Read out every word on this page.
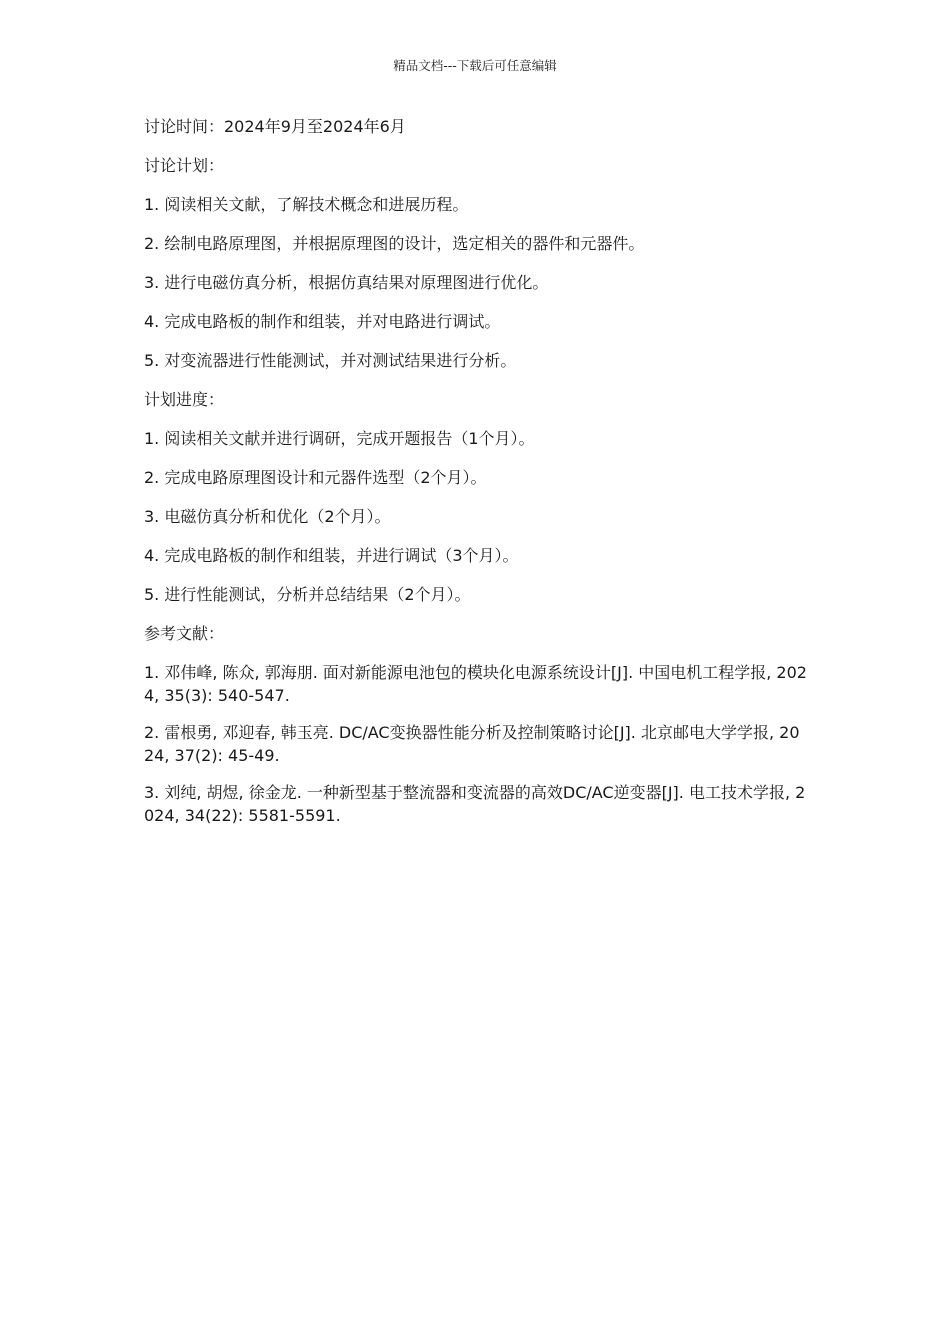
精品文档---下载后可任意编辑

讨论时间：2024年9月至2024年6月

讨论计划：

1. 阅读相关文献，了解技术概念和进展历程。

2. 绘制电路原理图，并根据原理图的设计，选定相关的器件和元器件。

3. 进行电磁仿真分析，根据仿真结果对原理图进行优化。

4. 完成电路板的制作和组装，并对电路进行调试。

5. 对变流器进行性能测试，并对测试结果进行分析。

计划进度：

1. 阅读相关文献并进行调研，完成开题报告（1个月）。

2. 完成电路原理图设计和元器件选型（2个月）。

3. 电磁仿真分析和优化（2个月）。

4. 完成电路板的制作和组装，并进行调试（3个月）。

5. 进行性能测试，分析并总结结果（2个月）。

参考文献：

1. 邓伟峰, 陈众, 郭海朋. 面对新能源电池包的模块化电源系统设计[J]. 中国电机工程学报, 2024, 35(3): 540-547.

2. 雷根勇, 邓迎春, 韩玉亮. DC/AC变换器性能分析及控制策略讨论[J]. 北京邮电大学学报, 2024, 37(2): 45-49.

3. 刘纯, 胡煜, 徐金龙. 一种新型基于整流器和变流器的高效DC/AC逆变器[J]. 电工技术学报, 2024, 34(22): 5581-5591.
